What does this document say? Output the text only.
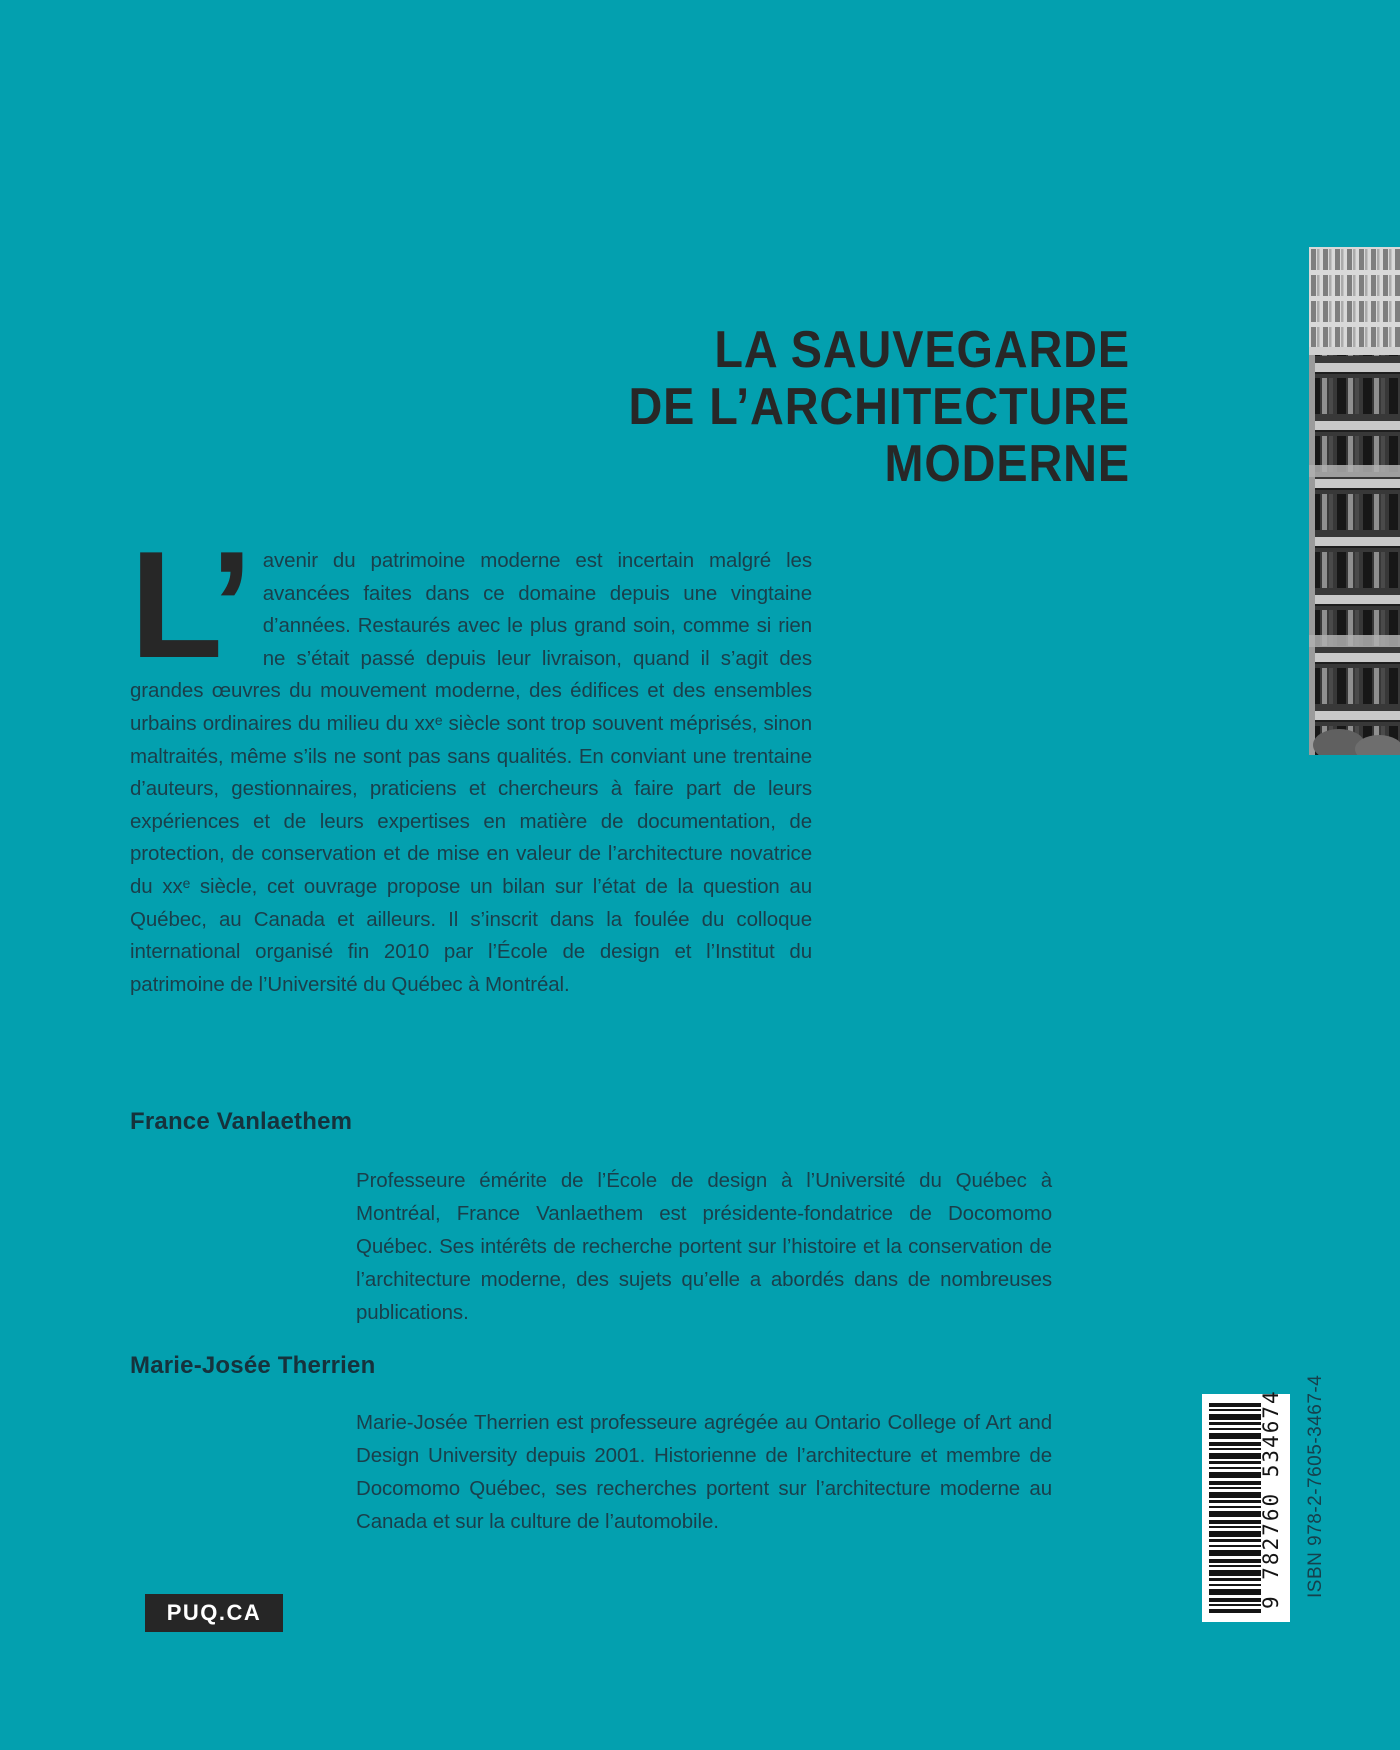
LA SAUVEGARDE
DE L’ARCHITECTURE
MODERNE
L’ avenir du patrimoine moderne est incertain malgré les avancées faites dans ce domaine depuis une vingtaine d’années. Restaurés avec le plus grand soin, comme si rien ne s’était passé depuis leur livraison, quand il s’agit des grandes œuvres du mouvement moderne, des édifices et des ensembles urbains ordinaires du milieu du xxᵉ siècle sont trop souvent méprisés, sinon maltraités, même s’ils ne sont pas sans qualités. En conviant une trentaine d’auteurs, gestionnaires, praticiens et chercheurs à faire part de leurs expériences et de leurs expertises en matière de documentation, de protection, de conservation et de mise en valeur de l’architecture novatrice du xxᵉ siècle, cet ouvrage propose un bilan sur l’état de la question au Québec, au Canada et ailleurs. Il s’inscrit dans la foulée du colloque international organisé fin 2010 par l’École de design et l’Institut du patrimoine de l’Université du Québec à Montréal.
France Vanlaethem
Professeure émérite de l’École de design à l’Université du Québec à Montréal, France Vanlaethem est présidente-fondatrice de Docomomo Québec. Ses intérêts de recherche portent sur l’histoire et la conservation de l’architecture moderne, des sujets qu’elle a abordés dans de nombreuses publications.
Marie-Josée Therrien
Marie-Josée Therrien est professeure agrégée au Ontario College of Art and Design University depuis 2001. Historienne de l’architecture et membre de Docomomo Québec, ses recherches portent sur l’architecture moderne au Canada et sur la culture de l’automobile.
PUQ.CA
9 782760 534674 ISBN 978-2-7605-3467-4
